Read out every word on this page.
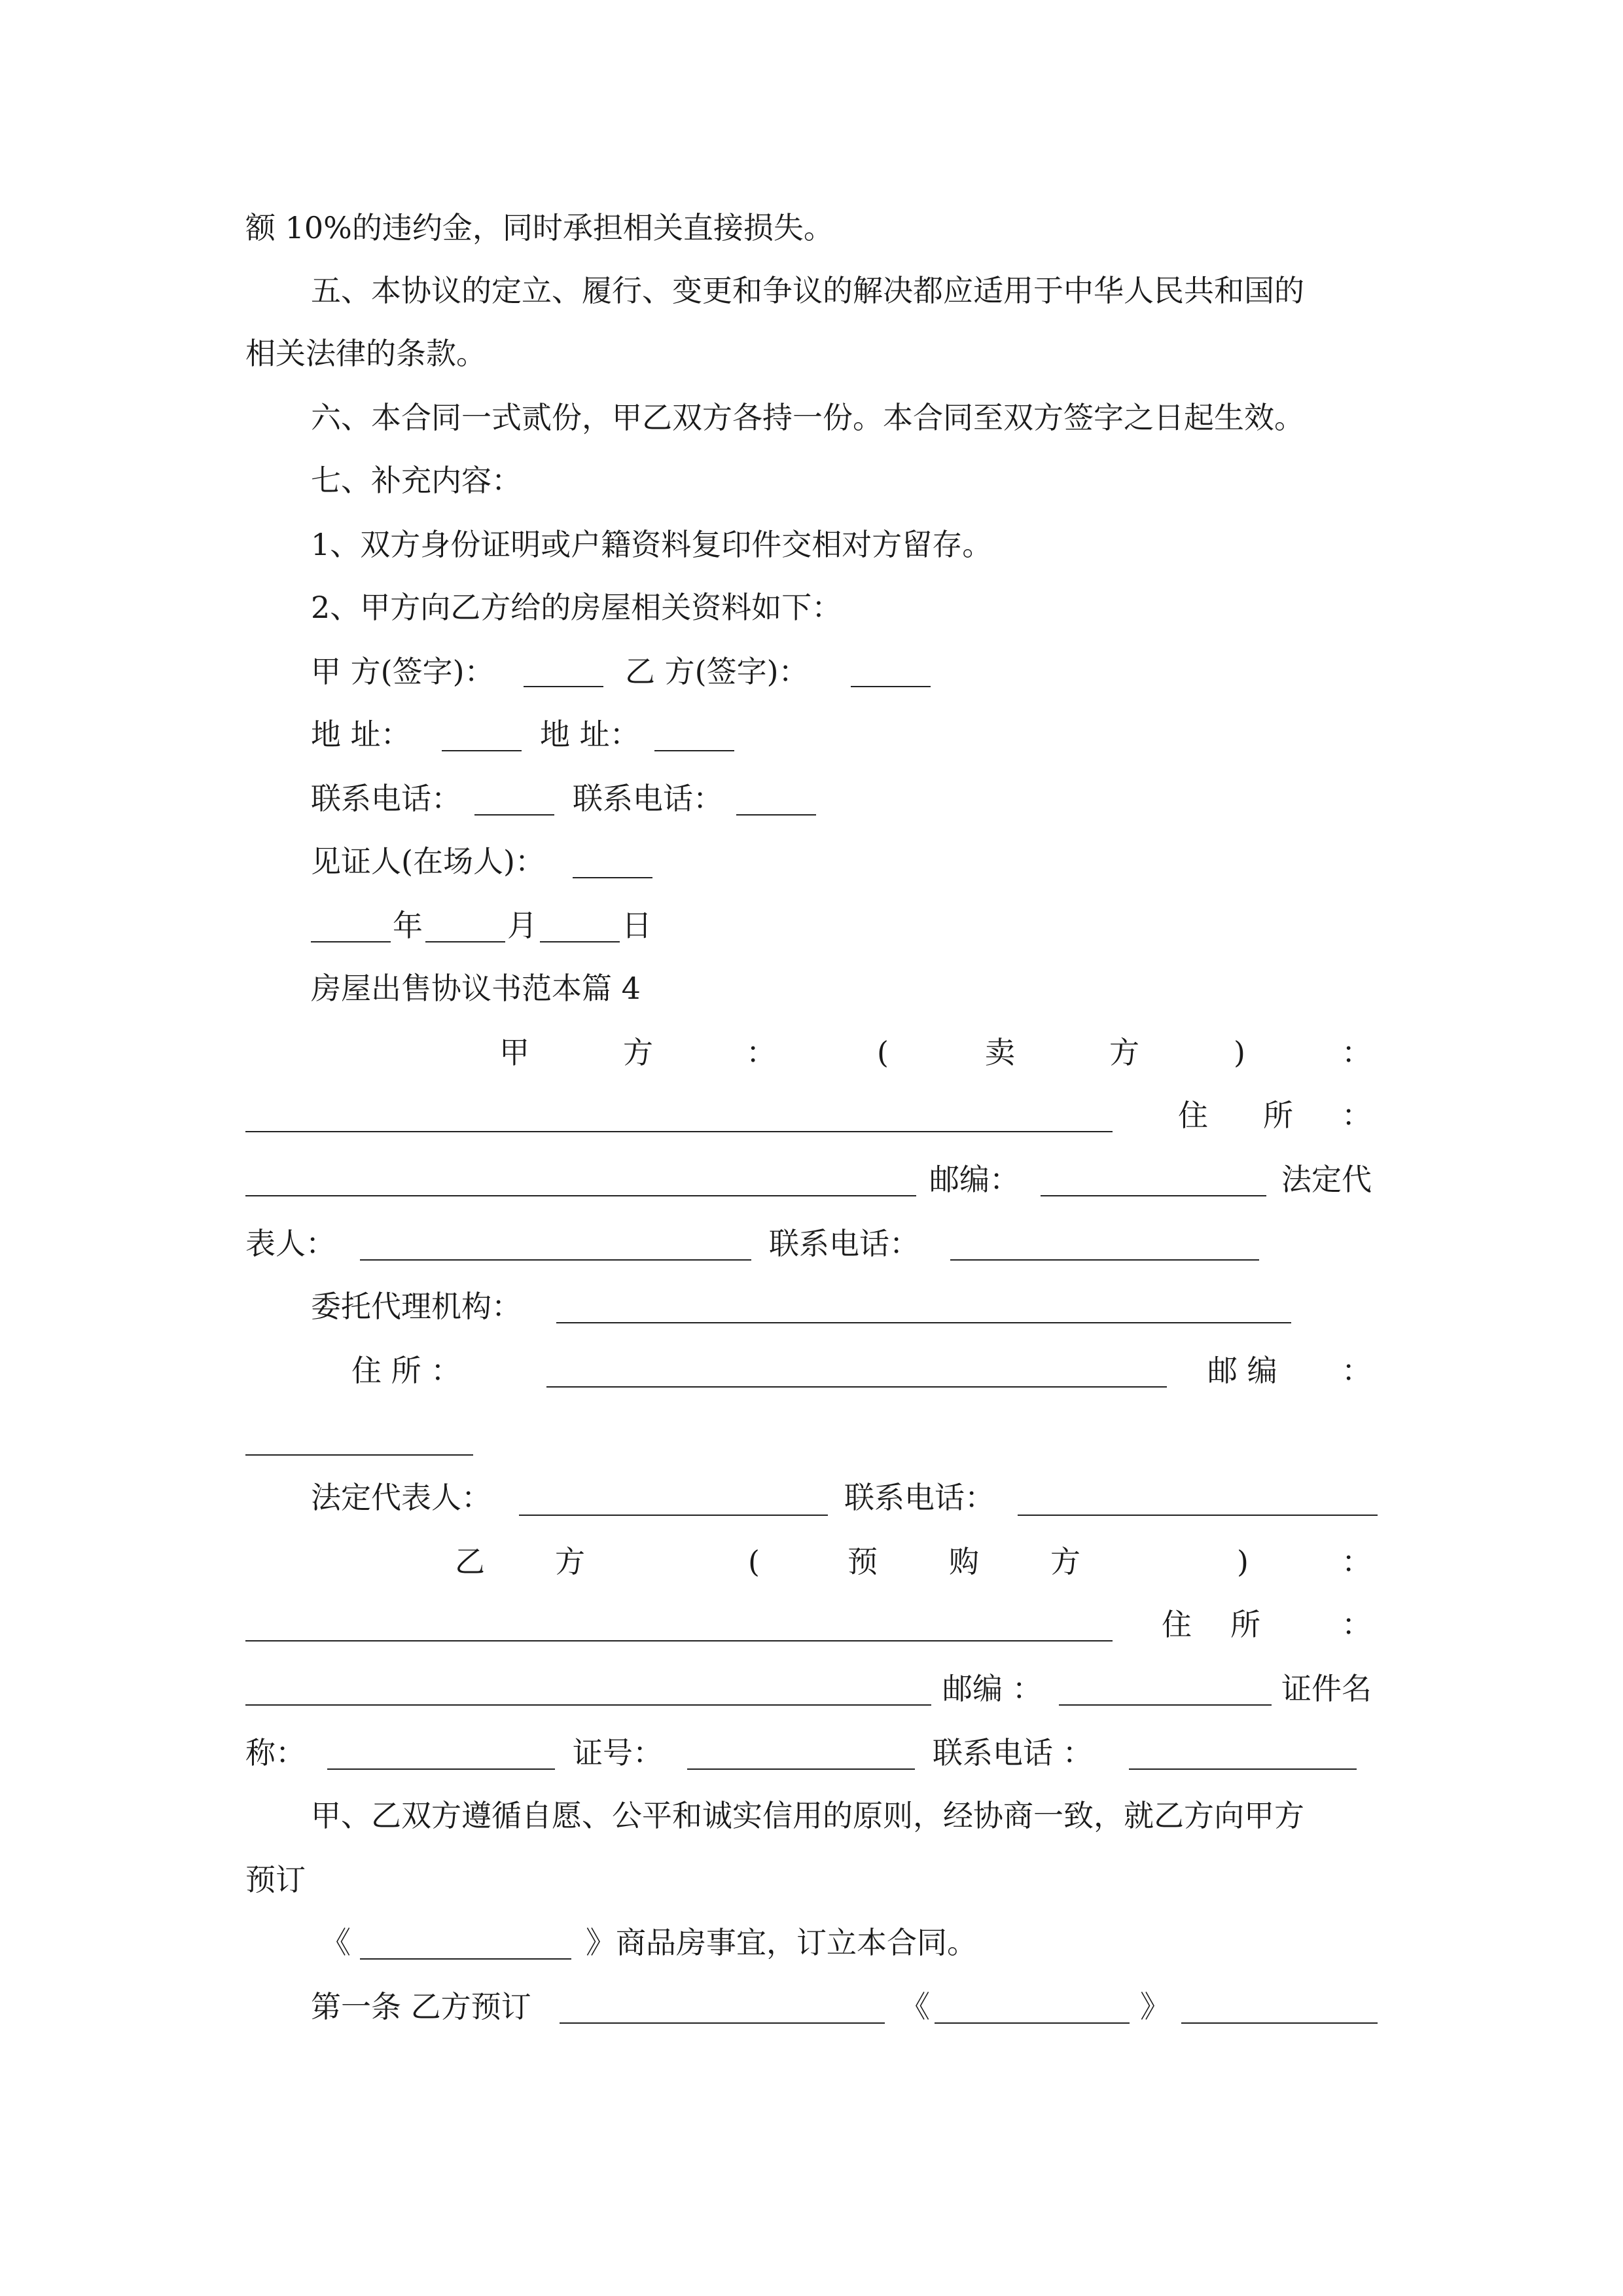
额 10%的违约金，同时承担相关直接损失。
五、本协议的定立、履行、变更和争议的解决都应适用于中华人民共和国的
相关法律的条款。
六、本合同一式贰份，甲乙双方各持一份。本合同至双方签字之日起生效。
七、补充内容：
1、双方身份证明或户籍资料复印件交相对方留存。
2、甲方向乙方给的房屋相关资料如下：
甲 方(签字)：	乙 方(签字)：
地 址：	地 址：
联系电话：	联系电话：
见证人(在场人)：
年	月	日
房屋出售协议书范本篇 4
甲	方	：	(	卖	方	)	：
住 所 ：
邮编：	法定代
表人：	联系电话：
委托代理机构：
住 所 ：	邮 编 ：
法定代表人：	联系电话：
乙 方	(	预 购 方	)	：
住 所	：
邮编 ：	证件名
称：	证号：	联系电话 ：
甲、乙双方遵循自愿、公平和诚实信用的原则，经协商一致，就乙方向甲方
预订
《	》商品房事宜，订立本合同。
第一条 乙方预订	《	》
